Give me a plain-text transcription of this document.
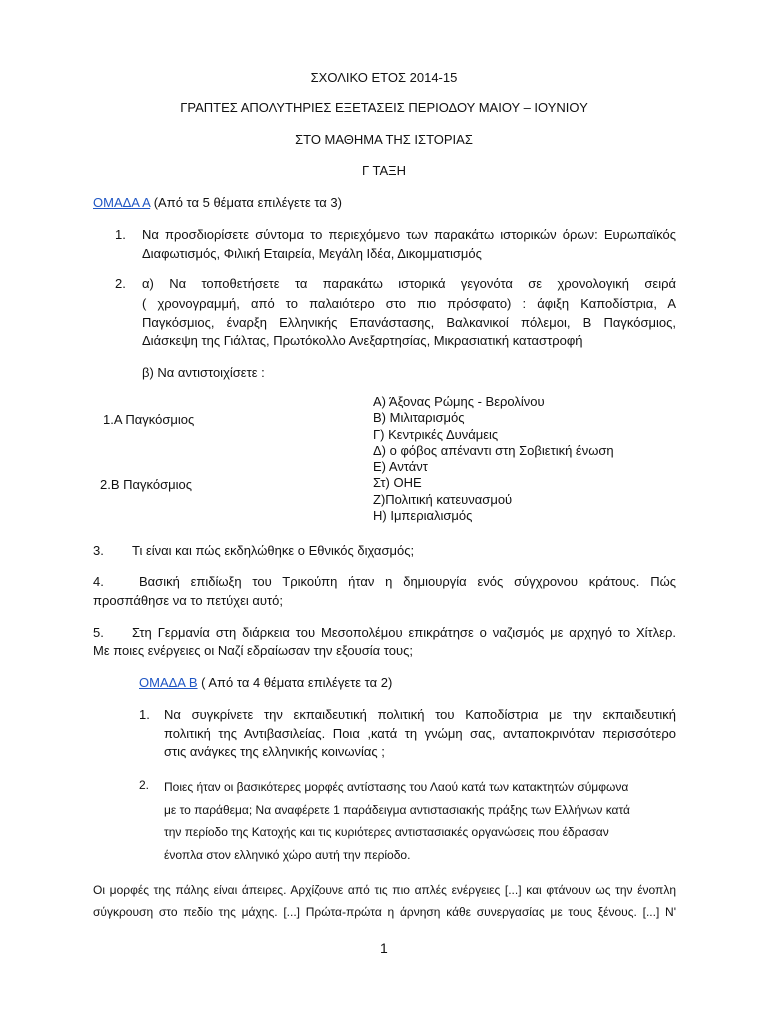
ΣΧΟΛΙΚΟ ΕΤΟΣ 2014-15
ΓΡΑΠΤΕΣ ΑΠΟΛΥΤΗΡΙΕΣ ΕΞΕΤΑΣΕΙΣ ΠΕΡΙΟΔΟΥ ΜΑΙΟΥ – ΙΟΥΝΙΟΥ
ΣΤΟ ΜΑΘΗΜΑ ΤΗΣ ΙΣΤΟΡΙΑΣ
Γ ΤΑΞΗ
ΟΜΑΔΑ Α (Από τα 5 θέματα επιλέγετε τα 3)
1. Να προσδιορίσετε σύντομα το περιεχόμενο των παρακάτω ιστορικών όρων: Ευρωπαϊκός
Διαφωτισμός, Φιλική Εταιρεία, Μεγάλη Ιδέα, Δικομματισμός
2. α) Να τοποθετήσετε τα παρακάτω ιστορικά γεγονότα σε χρονολογική σειρά
( χρονογραμμή, από το παλαιότερο στο πιο πρόσφατο) : άφιξη Καποδίστρια, Α
Παγκόσμιος, έναρξη Ελληνικής Επανάστασης, Βαλκανικοί πόλεμοι, Β Παγκόσμιος,
Διάσκεψη της Γιάλτας, Πρωτόκολλο Ανεξαρτησίας, Μικρασιατική καταστροφή
β) Να αντιστοιχίσετε :
1.Α Παγκόσμιος
2.Β Παγκόσμιος
Α) Άξονας Ρώμης - Βερολίνου
Β) Μιλιταρισμός
Γ) Κεντρικές Δυνάμεις
Δ) ο φόβος απέναντι στη Σοβιετική ένωση
Ε) Αντάντ
Στ) ΟΗΕ
Ζ)Πολιτική κατευνασμού
Η) Ιμπεριαλισμός
3. Τι είναι και πώς εκδηλώθηκε ο Εθνικός διχασμός;
4.	Βασική επιδίωξη του Τρικούπη ήταν η δημιουργία ενός σύγχρονου κράτους. Πώς
προσπάθησε να το πετύχει αυτό;
5. Στη Γερμανία στη διάρκεια του Μεσοπολέμου επικράτησε ο ναζισμός με αρχηγό το Χίτλερ.
Με ποιες ενέργειες οι Ναζί εδραίωσαν την εξουσία τους;
ΟΜΑΔΑ Β ( Από τα 4 θέματα επιλέγετε τα 2)
1. Να συγκρίνετε την εκπαιδευτική πολιτική του Καποδίστρια με την εκπαιδευτική
πολιτική της Αντιβασιλείας. Ποια ,κατά τη γνώμη σας, ανταποκρινόταν περισσότερο
στις ανάγκες της ελληνικής κοινωνίας ;
2. Ποιες ήταν οι βασικότερες μορφές αντίστασης του Λαού κατά των κατακτητών σύμφωνα
με το παράθεμα; Να αναφέρετε 1 παράδειγμα αντιστασιακής πράξης των Ελλήνων κατά
την περίοδο της Κατοχής και τις κυριότερες αντιστασιακές οργανώσεις που έδρασαν
ένοπλα στον ελληνικό χώρο αυτή την περίοδο.
Οι μορφές της πάλης είναι άπειρες. Αρχίζουνε από τις πιο απλές ενέργειες [...] και φτάνουν ως την ένοπλη
σύγκρουση στο πεδίο της μάχης. [...] Πρώτα-πρώτα η άρνηση κάθε συνεργασίας με τους ξένους. [...] Ν'
1
